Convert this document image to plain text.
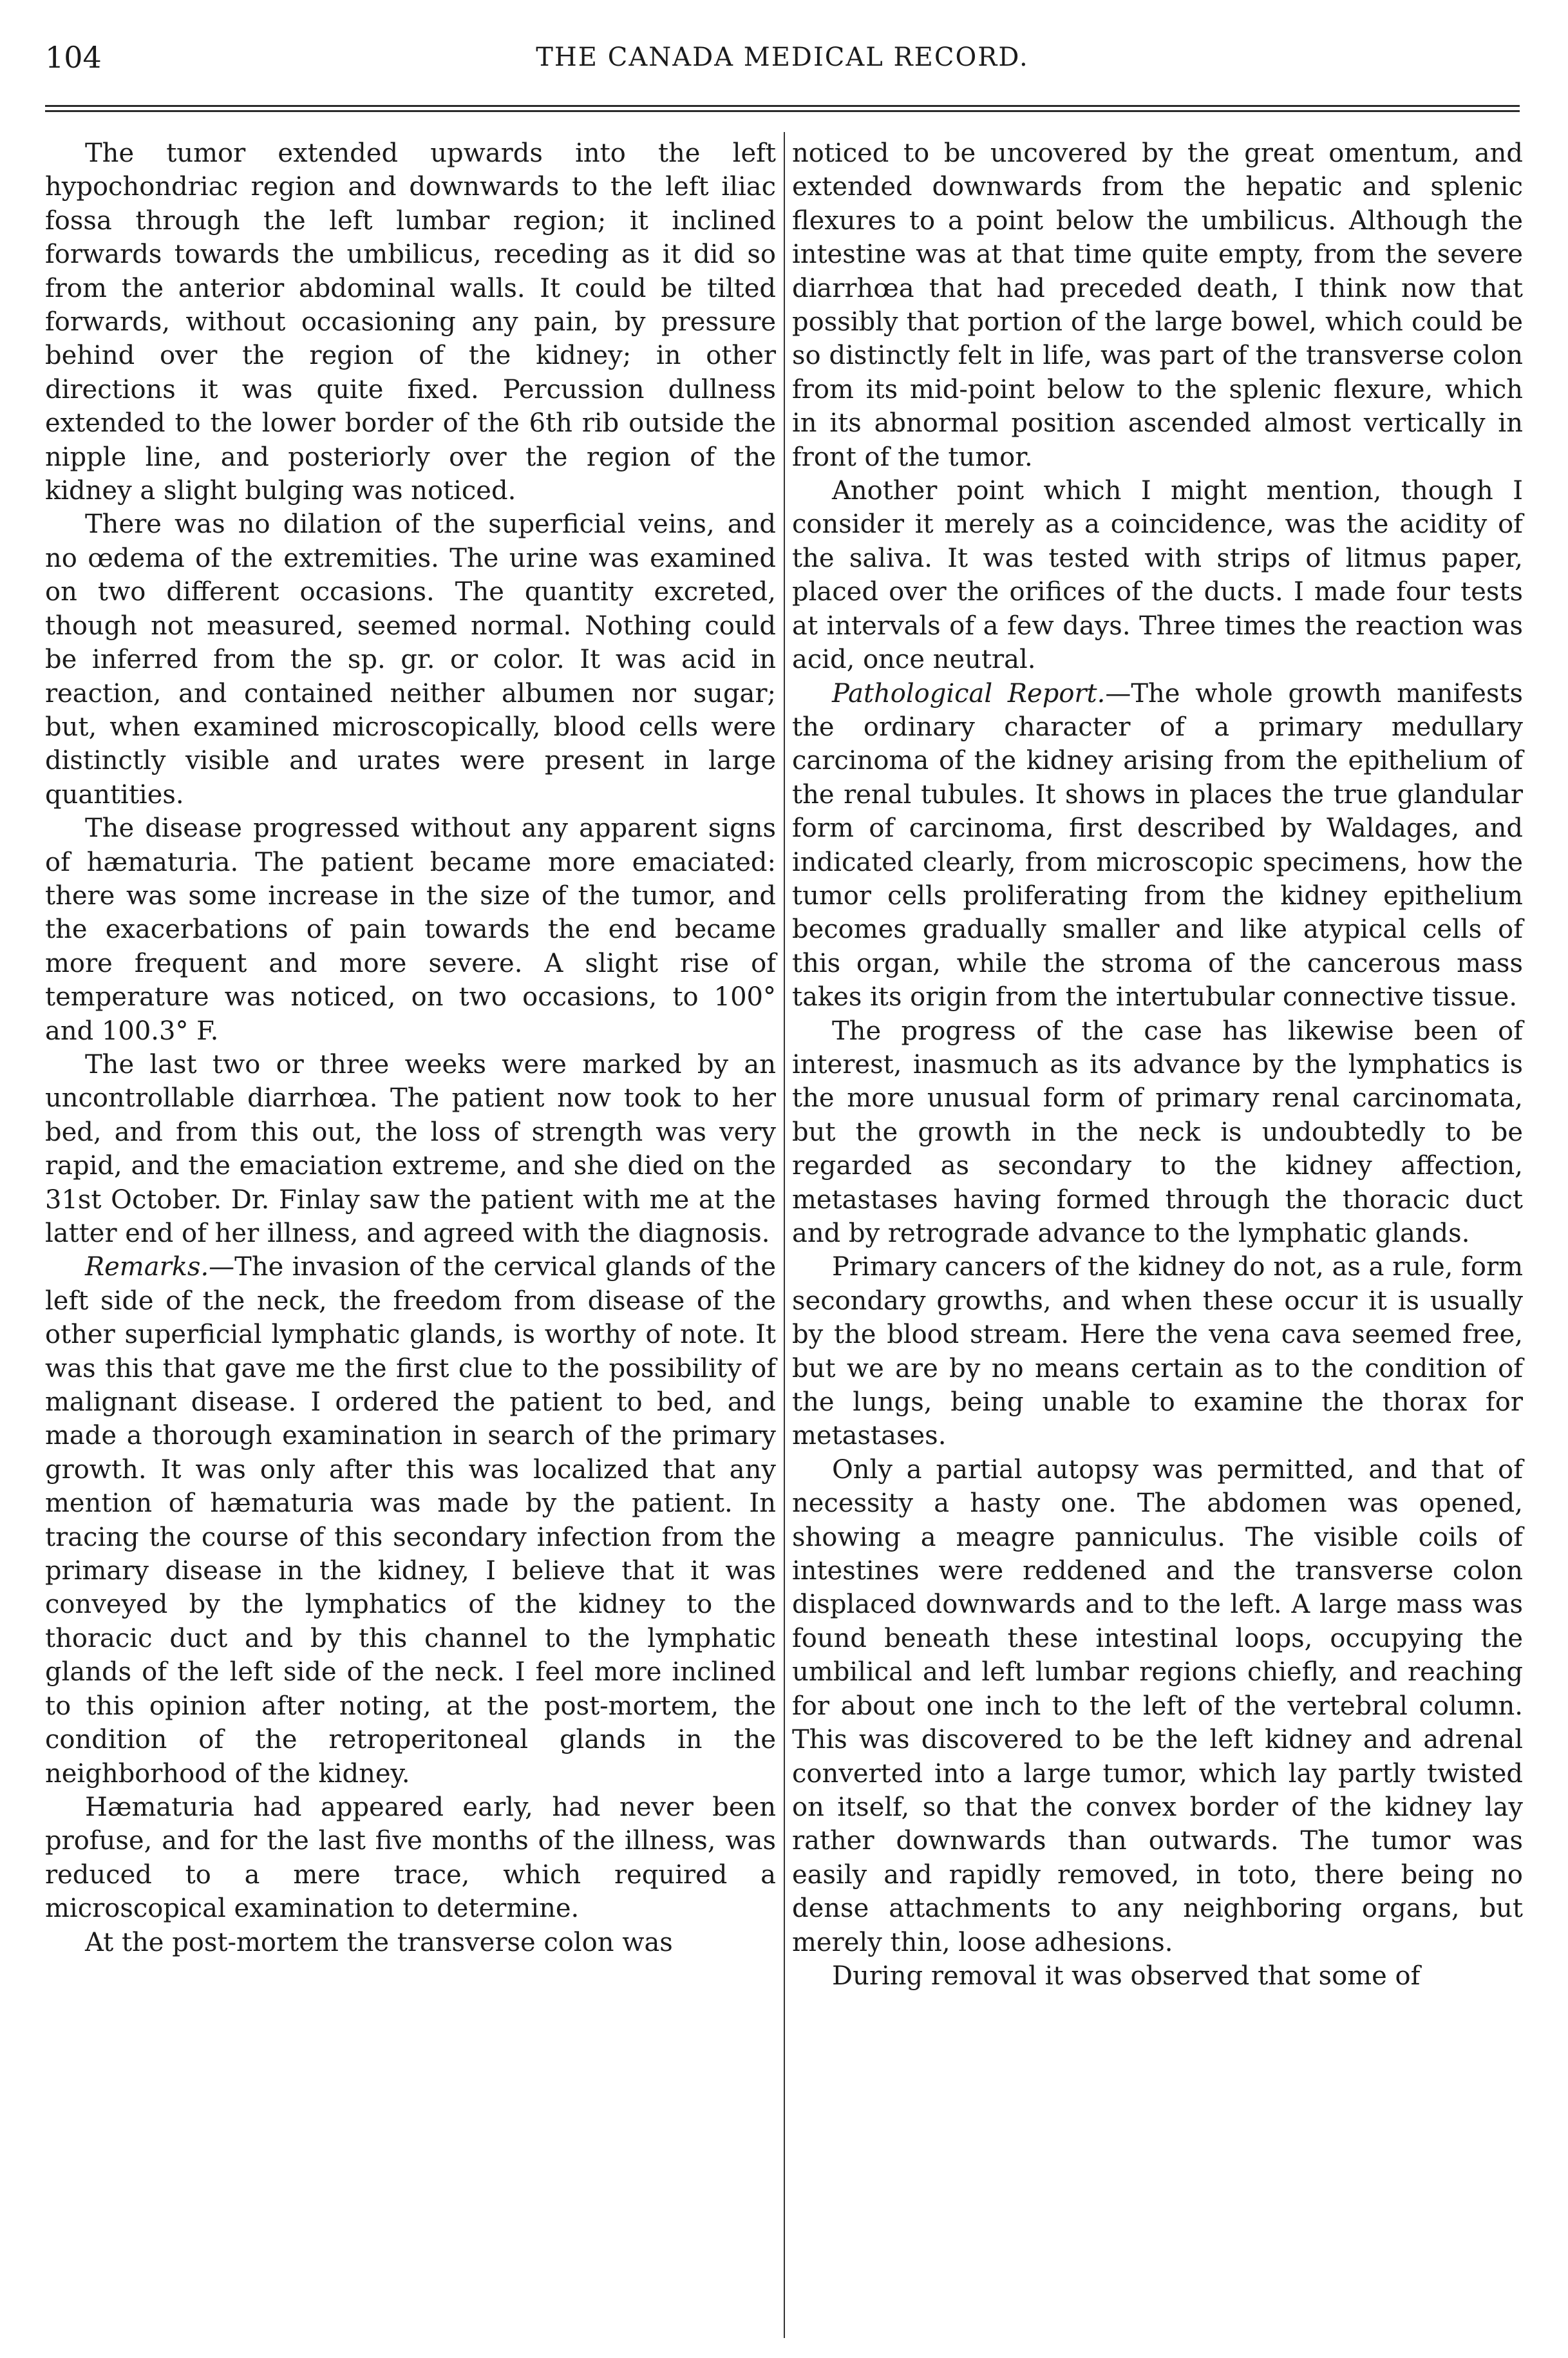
104	THE CANADA MEDICAL RECORD.

The tumor extended upwards into the left hypochondriac region and downwards to the left iliac fossa through the left lumbar region; it inclined forwards towards the umbilicus, receding as it did so from the anterior abdominal walls. It could be tilted forwards, without occasioning any pain, by pressure behind over the region of the kidney; in other directions it was quite fixed. Percussion dullness extended to the lower border of the 6th rib outside the nipple line, and posteriorly over the region of the kidney a slight bulging was noticed.

There was no dilation of the superficial veins, and no œdema of the extremities. The urine was examined on two different occasions. The quantity excreted, though not measured, seemed normal. Nothing could be inferred from the sp. gr. or color. It was acid in reaction, and contained neither albumen nor sugar; but, when examined microscopically, blood cells were distinctly visible and urates were present in large quantities.

The disease progressed without any apparent signs of hæmaturia. The patient became more emaciated: there was some increase in the size of the tumor, and the exacerbations of pain towards the end became more frequent and more severe. A slight rise of temperature was noticed, on two occasions, to 100° and 100.3° F.

The last two or three weeks were marked by an uncontrollable diarrhœa. The patient now took to her bed, and from this out, the loss of strength was very rapid, and the emaciation extreme, and she died on the 31st October. Dr. Finlay saw the patient with me at the latter end of her illness, and agreed with the diagnosis.

Remarks.—The invasion of the cervical glands of the left side of the neck, the freedom from disease of the other superficial lymphatic glands, is worthy of note. It was this that gave me the first clue to the possibility of malignant disease. I ordered the patient to bed, and made a thorough examination in search of the primary growth. It was only after this was localized that any mention of hæmaturia was made by the patient. In tracing the course of this secondary infection from the primary disease in the kidney, I believe that it was conveyed by the lymphatics of the kidney to the thoracic duct and by this channel to the lymphatic glands of the left side of the neck. I feel more inclined to this opinion after noting, at the post-mortem, the condition of the retroperitoneal glands in the neighborhood of the kidney.

Hæmaturia had appeared early, had never been profuse, and for the last five months of the illness, was reduced to a mere trace, which required a microscopical examination to determine.

At the post-mortem the transverse colon was

noticed to be uncovered by the great omentum, and extended downwards from the hepatic and splenic flexures to a point below the umbilicus. Although the intestine was at that time quite empty, from the severe diarrhœa that had preceded death, I think now that possibly that portion of the large bowel, which could be so distinctly felt in life, was part of the transverse colon from its mid-point below to the splenic flexure, which in its abnormal position ascended almost vertically in front of the tumor.

Another point which I might mention, though I consider it merely as a coincidence, was the acidity of the saliva. It was tested with strips of litmus paper, placed over the orifices of the ducts. I made four tests at intervals of a few days. Three times the reaction was acid, once neutral.

Pathological Report.—The whole growth manifests the ordinary character of a primary medullary carcinoma of the kidney arising from the epithelium of the renal tubules. It shows in places the true glandular form of carcinoma, first described by Waldages, and indicated clearly, from microscopic specimens, how the tumor cells proliferating from the kidney epithelium becomes gradually smaller and like atypical cells of this organ, while the stroma of the cancerous mass takes its origin from the intertubular connective tissue.

The progress of the case has likewise been of interest, inasmuch as its advance by the lymphatics is the more unusual form of primary renal carcinomata, but the growth in the neck is undoubtedly to be regarded as secondary to the kidney affection, metastases having formed through the thoracic duct and by retrograde advance to the lymphatic glands.

Primary cancers of the kidney do not, as a rule, form secondary growths, and when these occur it is usually by the blood stream. Here the vena cava seemed free, but we are by no means certain as to the condition of the lungs, being unable to examine the thorax for metastases.

Only a partial autopsy was permitted, and that of necessity a hasty one. The abdomen was opened, showing a meagre panniculus. The visible coils of intestines were reddened and the transverse colon displaced downwards and to the left. A large mass was found beneath these intestinal loops, occupying the umbilical and left lumbar regions chiefly, and reaching for about one inch to the left of the vertebral column. This was discovered to be the left kidney and adrenal converted into a large tumor, which lay partly twisted on itself, so that the convex border of the kidney lay rather downwards than outwards. The tumor was easily and rapidly removed, in toto, there being no dense attachments to any neighboring organs, but merely thin, loose adhesions.

During removal it was observed that some of
